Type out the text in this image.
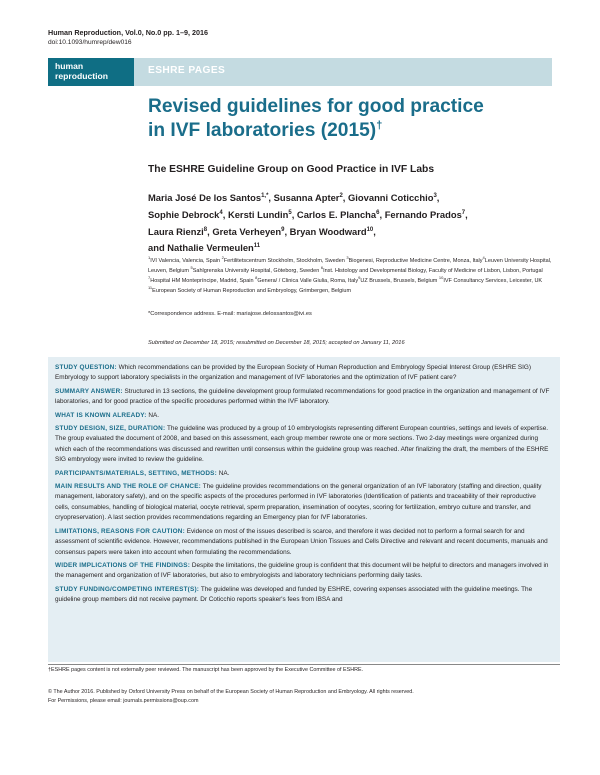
Human Reproduction, Vol.0, No.0 pp. 1–9, 2016
doi:10.1093/humrep/dew016
human
reproduction	ESHRE PAGES
Revised guidelines for good practice
in IVF laboratories (2015)†
The ESHRE Guideline Group on Good Practice in IVF Labs
Maria José De los Santos$^{1,*}$, Susanna Apter$^2$, Giovanni Coticchio$^3$,
Sophie Debrock$^4$, Kersti Lundin$^5$, Carlos E. Plancha$^6$, Fernando Prados$^7$,
Laura Rienzi$^8$, Greta Verheyen$^9$, Bryan Woodward$^{10}$,
and Nathalie Vermeulen$^{11}$
$^1$IVI Valencia, Valencia, Spain $^2$Fertilitetscentrum Stockholm, Stockholm, Sweden $^3$Biogenesi, Reproductive Medicine Centre, Monza, Italy$^4$Leuven University Hospital, Leuven, Belgium $^5$Sahlgrenska University Hospital, Göteborg, Sweden $^6$Inst. Histology and Developmental Biology, Faculty of Medicine of Lisbon, Lisbon, Portugal $^7$Hospital HM Montepríncipe, Madrid, Spain $^8$Genera/ / Clinica Valle Giulia, Roma, Italy$^9$UZ Brussels, Brussels, Belgium $^{10}$IVF Consultancy Services, Leicester, UK $^{11}$European Society of Human Reproduction and Embryology, Grimbergen, Belgium
*Correspondence address. E-mail: mariajose.delossantos@ivi.es
Submitted on December 18, 2015; resubmitted on December 18, 2015; accepted on January 11, 2016
STUDY QUESTION: Which recommendations can be provided by the European Society of Human Reproduction and Embryology Special Interest Group (ESHRE SIG) Embryology to support laboratory specialists in the organization and management of IVF laboratories and the optimization of IVF patient care?
SUMMARY ANSWER: Structured in 13 sections, the guideline development group formulated recommendations for good practice in the organization and management of IVF laboratories, and for good practice of the specific procedures performed within the IVF laboratory.
WHAT IS KNOWN ALREADY: NA.
STUDY DESIGN, SIZE, DURATION: The guideline was produced by a group of 10 embryologists representing different European countries, settings and levels of expertise. The group evaluated the document of 2008, and based on this assessment, each group member rewrote one or more sections. Two 2-day meetings were organized during which each of the recommendations was discussed and rewritten until consensus within the guideline group was reached. After finalizing the draft, the members of the ESHRE SIG embryology were invited to review the guideline.
PARTICIPANTS/MATERIALS, SETTING, METHODS: NA.
MAIN RESULTS AND THE ROLE OF CHANCE: The guideline provides recommendations on the general organization of an IVF laboratory (staffing and direction, quality management, laboratory safety), and on the specific aspects of the procedures performed in IVF laboratories (Identification of patients and traceability of their reproductive cells, consumables, handling of biological material, oocyte retrieval, sperm preparation, insemination of oocytes, scoring for fertilization, embryo culture and transfer, and cryopreservation). A last section provides recommendations regarding an Emergency plan for IVF laboratories.
LIMITATIONS, REASONS FOR CAUTION: Evidence on most of the issues described is scarce, and therefore it was decided not to perform a formal search for and assessment of scientific evidence. However, recommendations published in the European Union Tissues and Cells Directive and relevant and recent documents, manuals and consensus papers were taken into account when formulating the recommendations.
WIDER IMPLICATIONS OF THE FINDINGS: Despite the limitations, the guideline group is confident that this document will be helpful to directors and managers involved in the management and organization of IVF laboratories, but also to embryologists and laboratory technicians performing daily tasks.
STUDY FUNDING/COMPETING INTEREST(S): The guideline was developed and funded by ESHRE, covering expenses associated with the guideline meetings. The guideline group members did not receive payment. Dr Coticchio reports speaker's fees from IBSA and
†ESHRE pages content is not externally peer reviewed. The manuscript has been approved by the Executive Committee of ESHRE.
© The Author 2016. Published by Oxford University Press on behalf of the European Society of Human Reproduction and Embryology. All rights reserved.
For Permissions, please email: journals.permissions@oup.com
